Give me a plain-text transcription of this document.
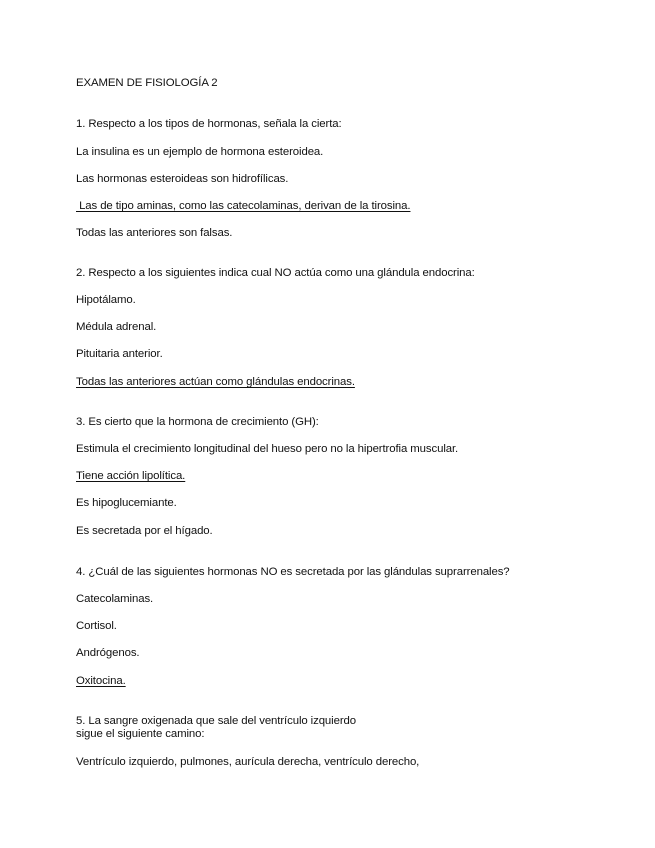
EXAMEN DE FISIOLOGÍA 2

1. Respecto a los tipos de hormonas, señala la cierta:

La insulina es un ejemplo de hormona esteroidea.

Las hormonas esteroideas son hidrofílicas.

Las de tipo aminas, como las catecolaminas, derivan de la tirosina.

Todas las anteriores son falsas.

2. Respecto a los siguientes indica cual NO actúa como una glándula endocrina:

Hipotálamo.

Médula adrenal.

Pituitaria anterior.

Todas las anteriores actúan como glándulas endocrinas.

3. Es cierto que la hormona de crecimiento (GH):

Estimula el crecimiento longitudinal del hueso pero no la hipertrofia muscular.

Tiene acción lipolítica.

Es hipoglucemiante.

Es secretada por el hígado.

4. ¿Cuál de las siguientes hormonas NO es secretada por las glándulas suprarrenales?

Catecolaminas.

Cortisol.

Andrógenos.

Oxitocina.

5. La sangre oxigenada que sale del ventrículo izquierdo

sigue el siguiente camino:

Ventrículo izquierdo, pulmones, aurícula derecha, ventrículo derecho,
